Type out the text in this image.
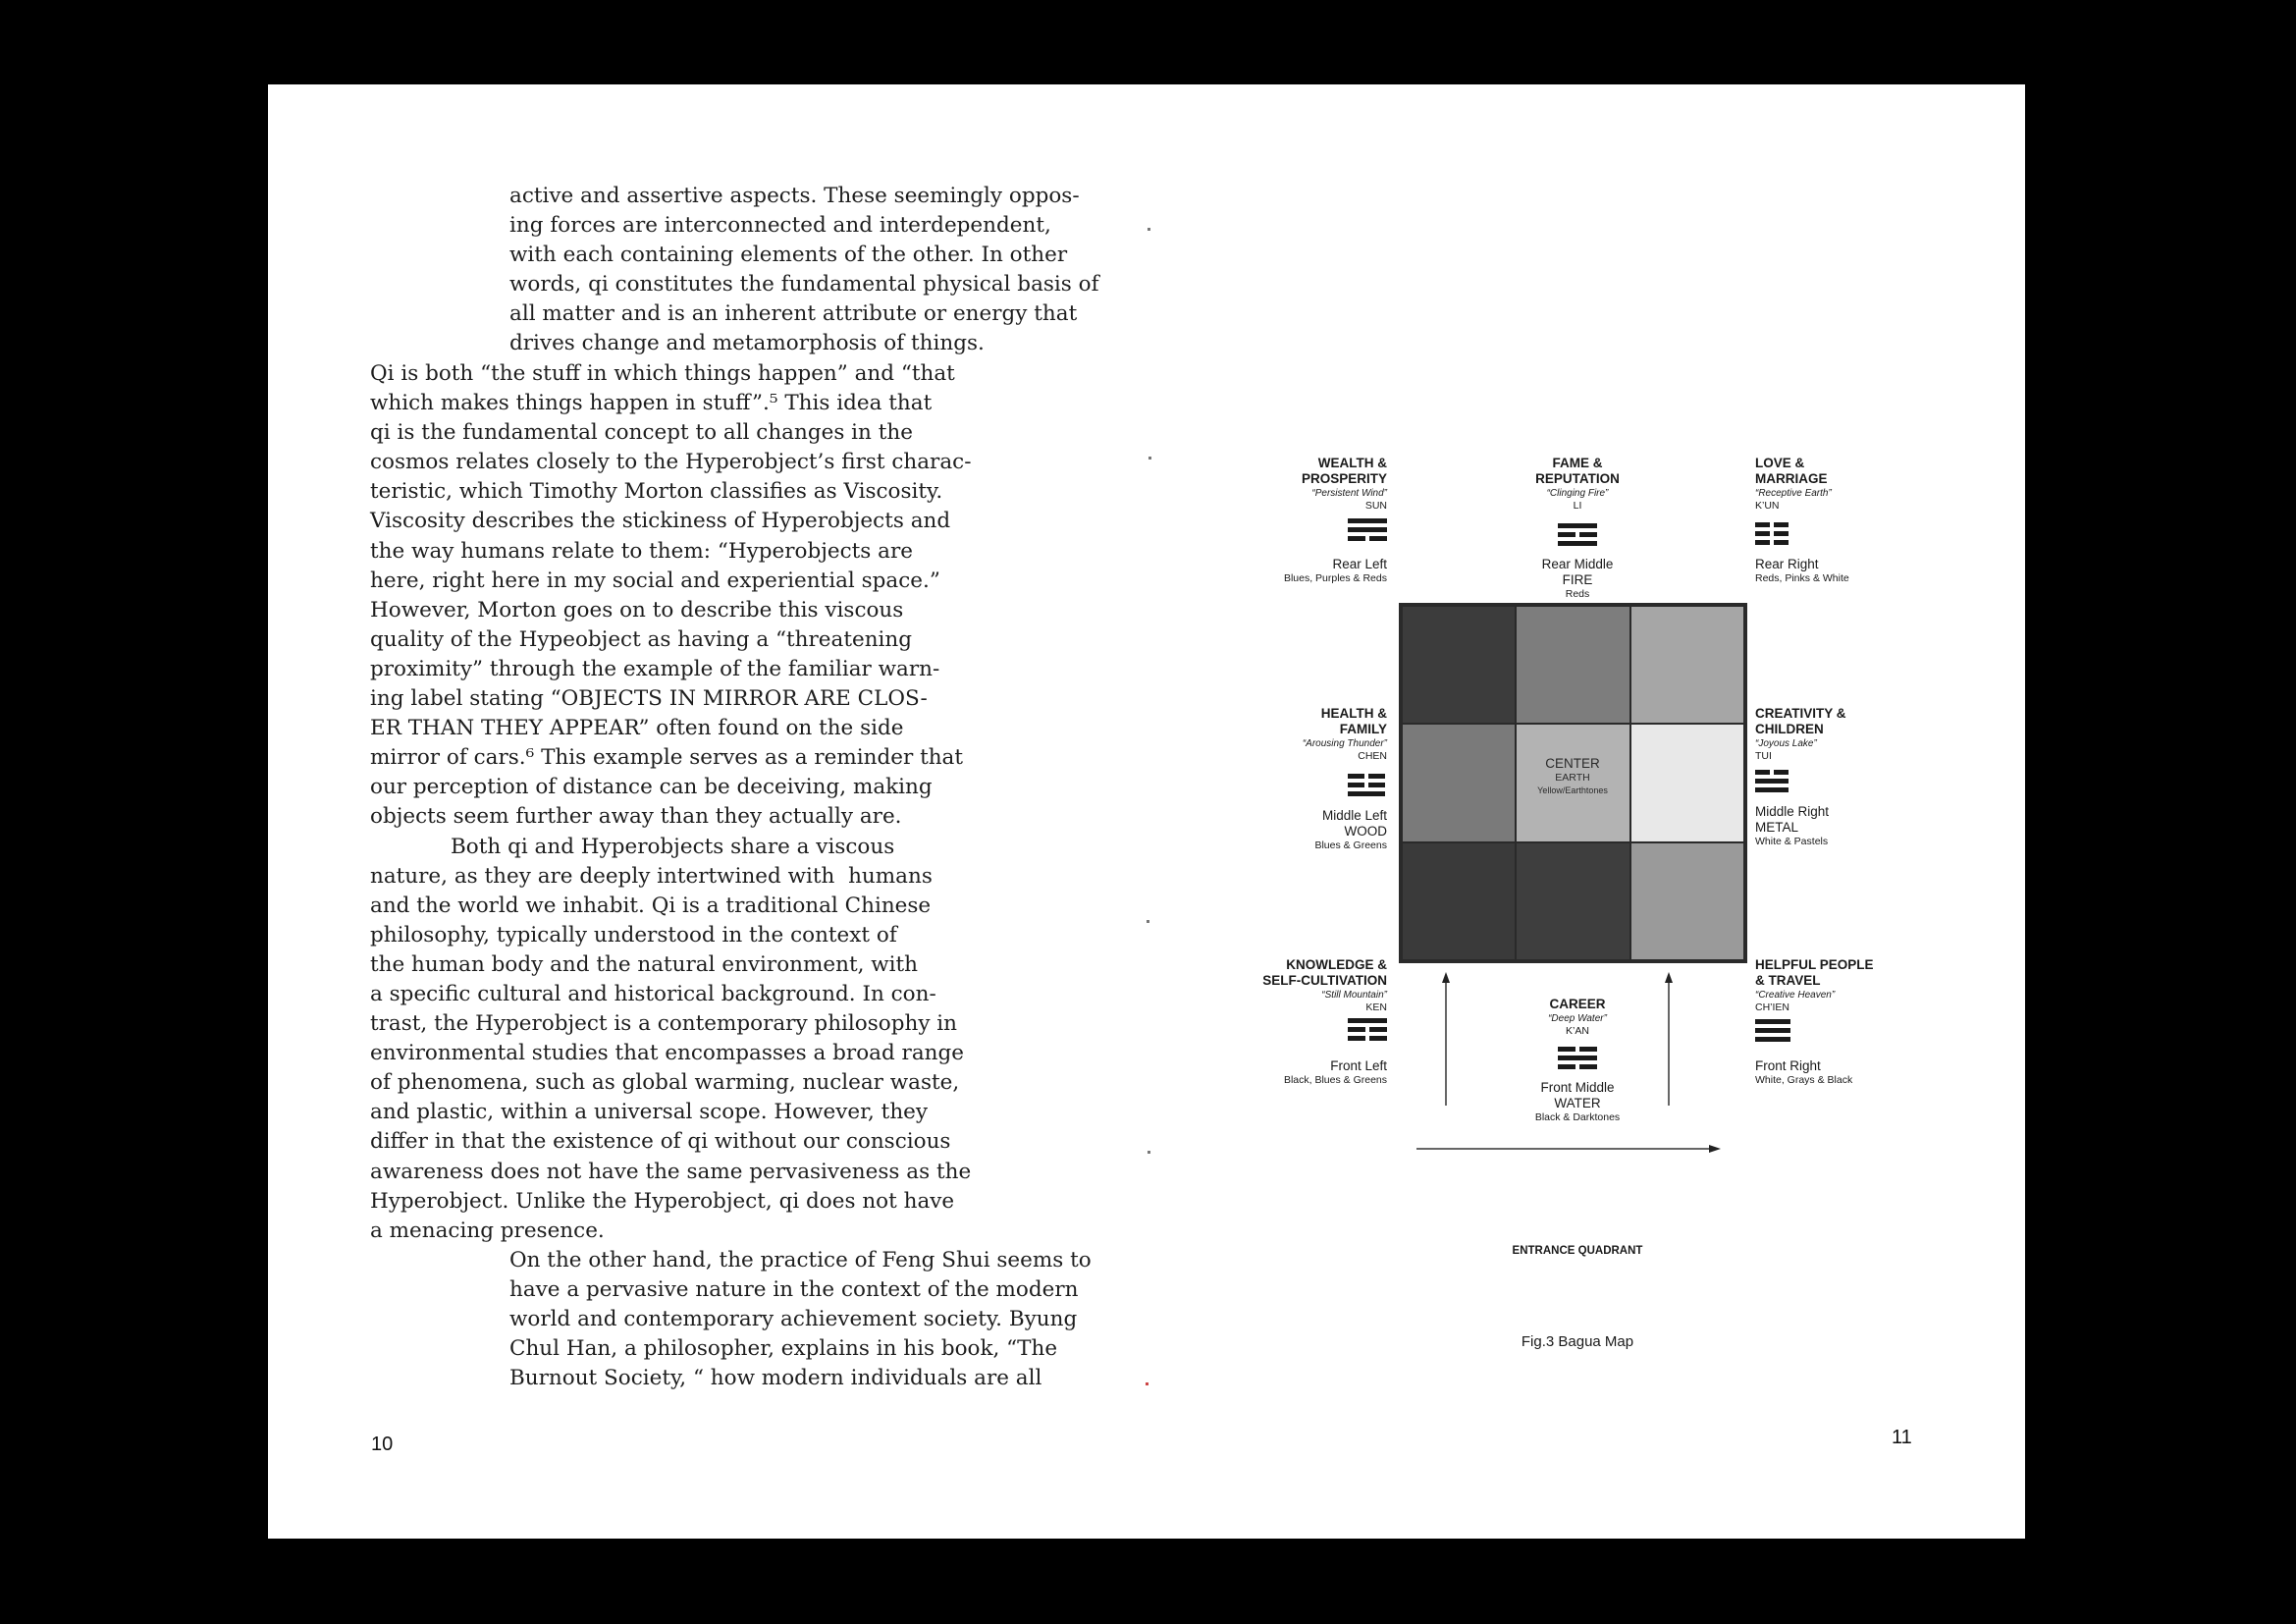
active and assertive aspects. These seemingly oppos-
ing forces are interconnected and interdependent,
with each containing elements of the other. In other
words, qi constitutes the fundamental physical basis of
all matter and is an inherent attribute or energy that
drives change and metamorphosis of things.
Qi is both “the stuff in which things happen” and “that
which makes things happen in stuff”.⁵ This idea that
qi is the fundamental concept to all changes in the
cosmos relates closely to the Hyperobject’s first charac-
teristic, which Timothy Morton classifies as Viscosity.
Viscosity describes the stickiness of Hyperobjects and
the way humans relate to them: “Hyperobjects are
here, right here in my social and experiential space.”
However, Morton goes on to describe this viscous
quality of the Hypeobject as having a “threatening
proximity” through the example of the familiar warn-
ing label stating “OBJECTS IN MIRROR ARE CLOS-
ER THAN THEY APPEAR” often found on the side
mirror of cars.⁶ This example serves as a reminder that
our perception of distance can be deceiving, making
objects seem further away than they actually are.
Both qi and Hyperobjects share a viscous
nature, as they are deeply intertwined with  humans
and the world we inhabit. Qi is a traditional Chinese
philosophy, typically understood in the context of
the human body and the natural environment, with
a specific cultural and historical background. In con-
trast, the Hyperobject is a contemporary philosophy in
environmental studies that encompasses a broad range
of phenomena, such as global warming, nuclear waste,
and plastic, within a universal scope. However, they
differ in that the existence of qi without our conscious
awareness does not have the same pervasiveness as the
Hyperobject. Unlike the Hyperobject, qi does not have
a menacing presence.
On the other hand, the practice of Feng Shui seems to
have a pervasive nature in the context of the modern
world and contemporary achievement society. Byung
Chul Han, a philosopher, explains in his book, “The
Burnout Society, “ how modern individuals are all
10	11
WEALTH &
PROSPERITY
“Persistent Wind”
SUN
Rear Left
Blues, Purples & Reds
FAME &
REPUTATION
“Clinging Fire”
LI
Rear Middle
FIRE
Reds
LOVE &
MARRIAGE
“Receptive Earth”
K’UN
Rear Right
Reds, Pinks & White
HEALTH &
FAMILY
“Arousing Thunder”
CHEN
Middle Left
WOOD
Blues & Greens
CENTER
EARTH
Yellow/Earthtones
CREATIVITY &
CHILDREN
“Joyous Lake”
TUI
Middle Right
METAL
White & Pastels
KNOWLEDGE &
SELF-CULTIVATION
“Still Mountain”
KEN
Front Left
Black, Blues & Greens
CAREER
“Deep Water”
K’AN
Front Middle
WATER
Black & Darktones
HELPFUL PEOPLE
& TRAVEL
“Creative Heaven”
CH’IEN
Front Right
White, Grays & Black
ENTRANCE QUADRANT
Fig.3 Bagua Map
